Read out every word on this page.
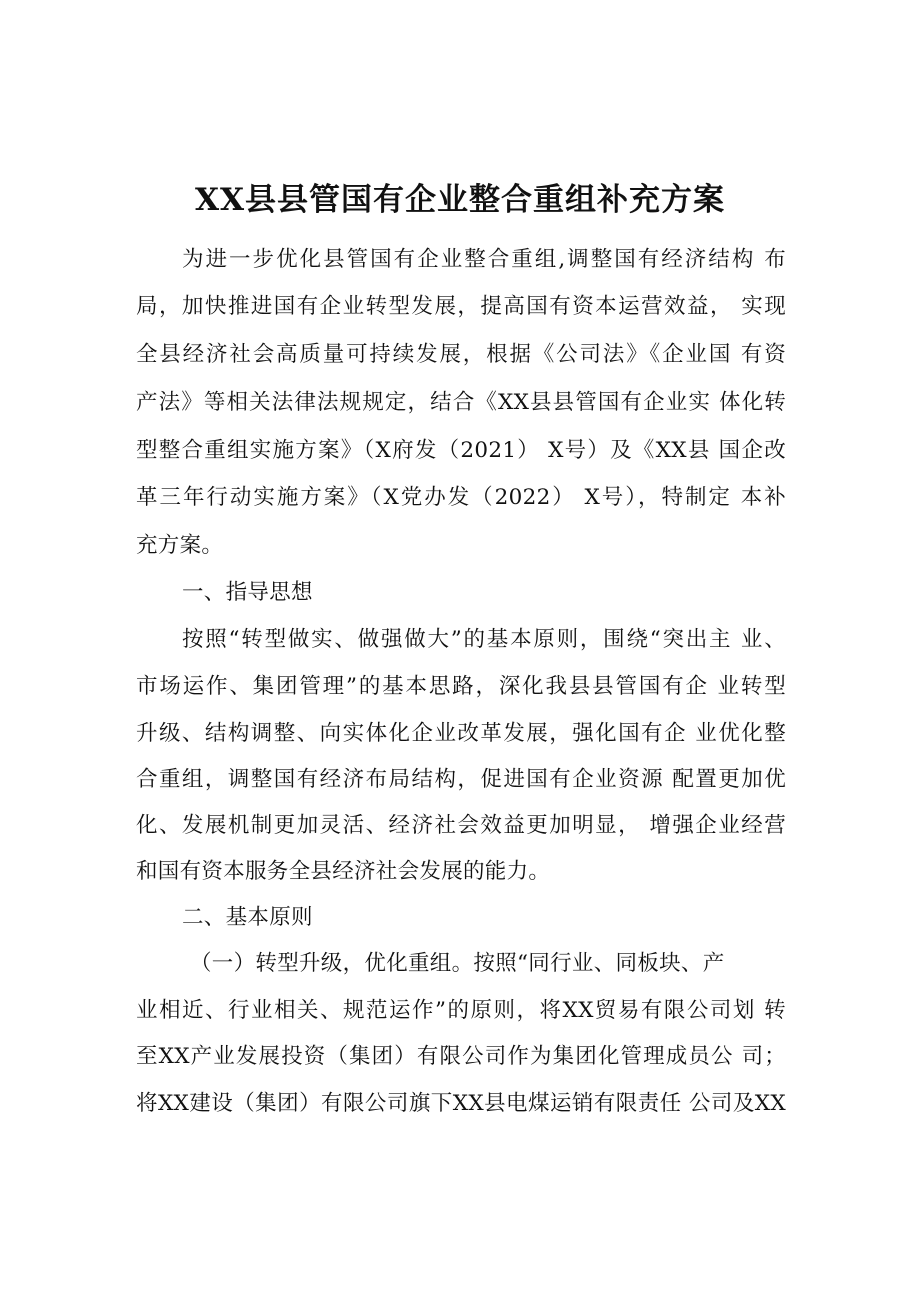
XX县县管国有企业整合重组补充方案
为进一步优化县管国有企业整合重组,调整国有经济结构 布
局，加快推进国有企业转型发展，提高国有资本运营效益， 实现
全县经济社会高质量可持续发展，根据《公司法》《企业国 有资
产法》等相关法律法规规定，结合《XX县县管国有企业实 体化转
型整合重组实施方案》（X府发（2021） X号）及《XX县 国企改
革三年行动实施方案》（X党办发（2022） X号），特制定 本补
充方案。
一、指导思想
按照“转型做实、做强做大”的基本原则，围绕“突出主 业、
市场运作、集团管理”的基本思路，深化我县县管国有企 业转型
升级、结构调整、向实体化企业改革发展，强化国有企 业优化整
合重组，调整国有经济布局结构，促进国有企业资源 配置更加优
化、发展机制更加灵活、经济社会效益更加明显， 增强企业经营
和国有资本服务全县经济社会发展的能力。
二、基本原则
（一）转型升级，优化重组。按照“同行业、同板块、产
业相近、行业相关、规范运作”的原则，将XX贸易有限公司划 转
至XX产业发展投资（集团）有限公司作为集团化管理成员公 司；
将XX建设（集团）有限公司旗下XX县电煤运销有限责任 公司及XX
